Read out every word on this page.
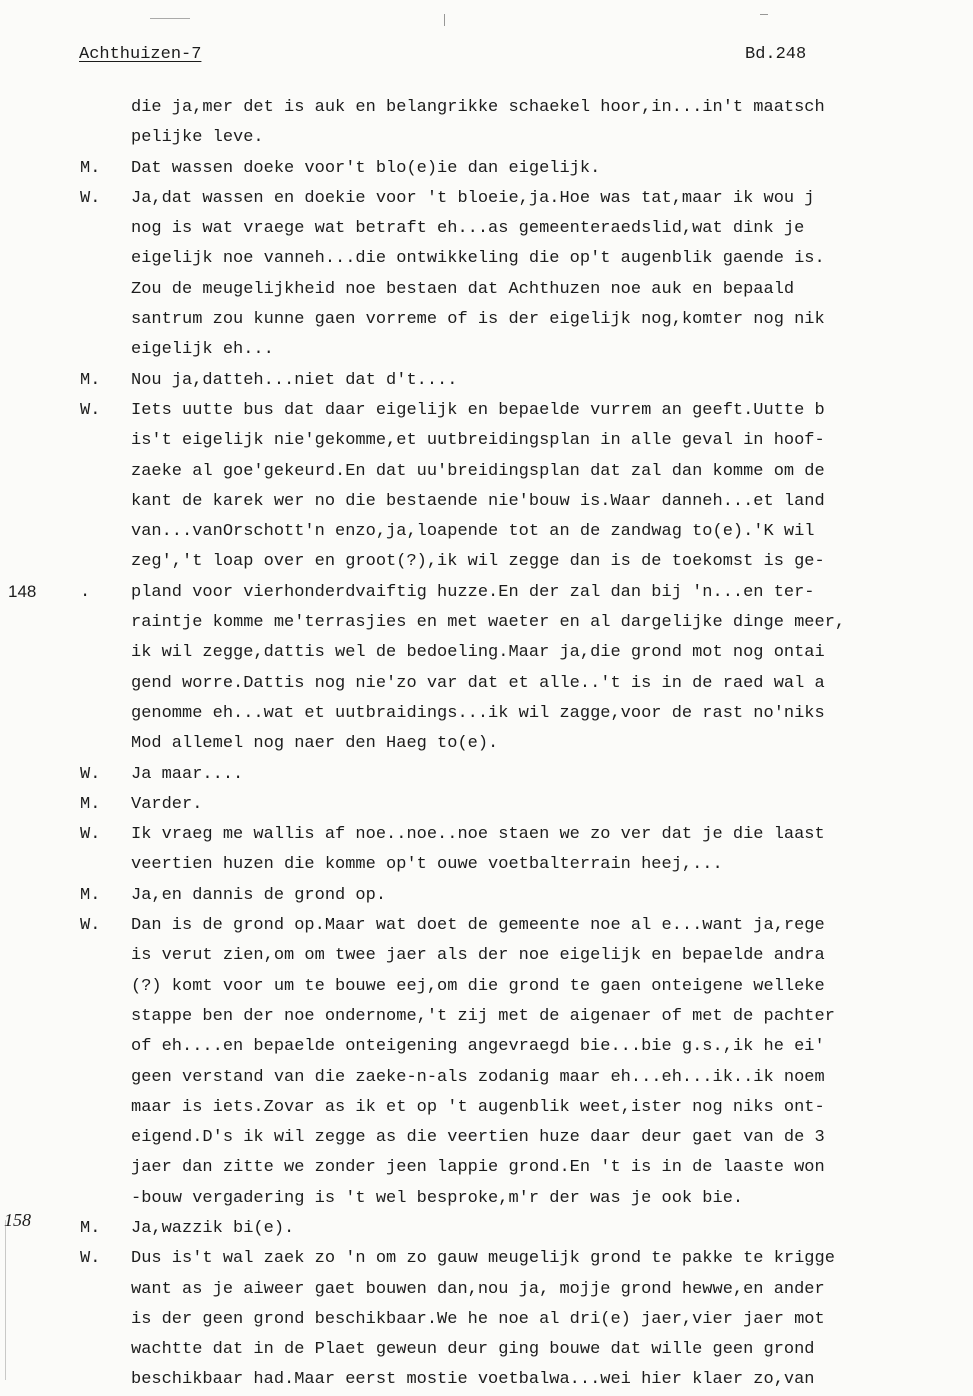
Achthuizen-7	Bd.248
148
158
die ja,mer det is auk en belangrikke schaekel hoor,in...in't maatsch
pelijke leve.
M. Dat wassen doeke voor't blo(e)ie dan eigelijk.
W. Ja,dat wassen en doekie voor 't bloeie,ja.Hoe was tat,maar ik wou j
nog is wat vraege wat betraft eh...as gemeenteraedslid,wat dink je
eigelijk noe vanneh...die ontwikkeling die op't augenblik gaende is.
Zou de meugelijkheid noe bestaen dat Achthuzen noe auk en bepaald
santrum zou kunne gaen vorreme of is der eigelijk nog,komter nog nik
eigelijk eh...
M. Nou ja,datteh...niet dat d't....
W. Iets uutte bus dat daar eigelijk en bepaelde vurrem an geeft.Uutte b
is't eigelijk nie'gekomme,et uutbreidingsplan in alle geval in hoof-
zaeke al goe'gekeurd.En dat uu'breidingsplan dat zal dan komme om de
kant de karek wer no die bestaende nie'bouw is.Waar danneh...et land
van...vanOrschott'n enzo,ja,loapende tot an de zandwag to(e).'K wil
zeg','t loap over en groot(?),ik wil zegge dan is de toekomst is ge-
. pland voor vierhonderdvaiftig huzze.En der zal dan bij 'n...en ter-
raintje komme me'terrasjies en met waeter en al dargelijke dinge meer,
ik wil zegge,dattis wel de bedoeling.Maar ja,die grond mot nog ontai
gend worre.Dattis nog nie'zo var dat et alle..'t is in de raed wal a
genomme eh...wat et uutbraidings...ik wil zagge,voor de rast no'niks
Mod allemel nog naer den Haeg to(e).
W. Ja maar....
M. Varder.
W. Ik vraeg me wallis af noe..noe..noe staen we zo ver dat je die laast
veertien huzen die komme op't ouwe voetbalterrain heej,...
M. Ja,en dannis de grond op.
W. Dan is de grond op.Maar wat doet de gemeente noe al e...want ja,rege
is verut zien,om om twee jaer als der noe eigelijk en bepaelde andra
(?) komt voor um te bouwe eej,om die grond te gaen onteigene welleke
stappe ben der noe ondernome,'t zij met de aigenaer of met de pachter
of eh....en bepaelde onteigening angevraegd bie...bie g.s.,ik he ei'
geen verstand van die zaeke-n-als zodanig maar eh...eh...ik..ik noem
maar is iets.Zovar as ik et op 't augenblik weet,ister nog niks ont-
eigend.D's ik wil zegge as die veertien huze daar deur gaet van de 3
jaer dan zitte we zonder jeen lappie grond.En 't is in de laaste won
-bouw vergadering is 't wel besproke,m'r der was je ook bie.
M. Ja,wazzik bi(e).
W. Dus is't wal zaek zo 'n om zo gauw meugelijk grond te pakke te krigge
want as je aiweer gaet bouwen dan,nou ja, mojje grond hewwe,en ander
is der geen grond beschikbaar.We he noe al dri(e) jaer,vier jaer mot
wachtte dat in de Plaet geweun deur ging bouwe dat wille geen grond
beschikbaar had.Maar eerst mostie voetbalwa...wei hier klaer zo,van
